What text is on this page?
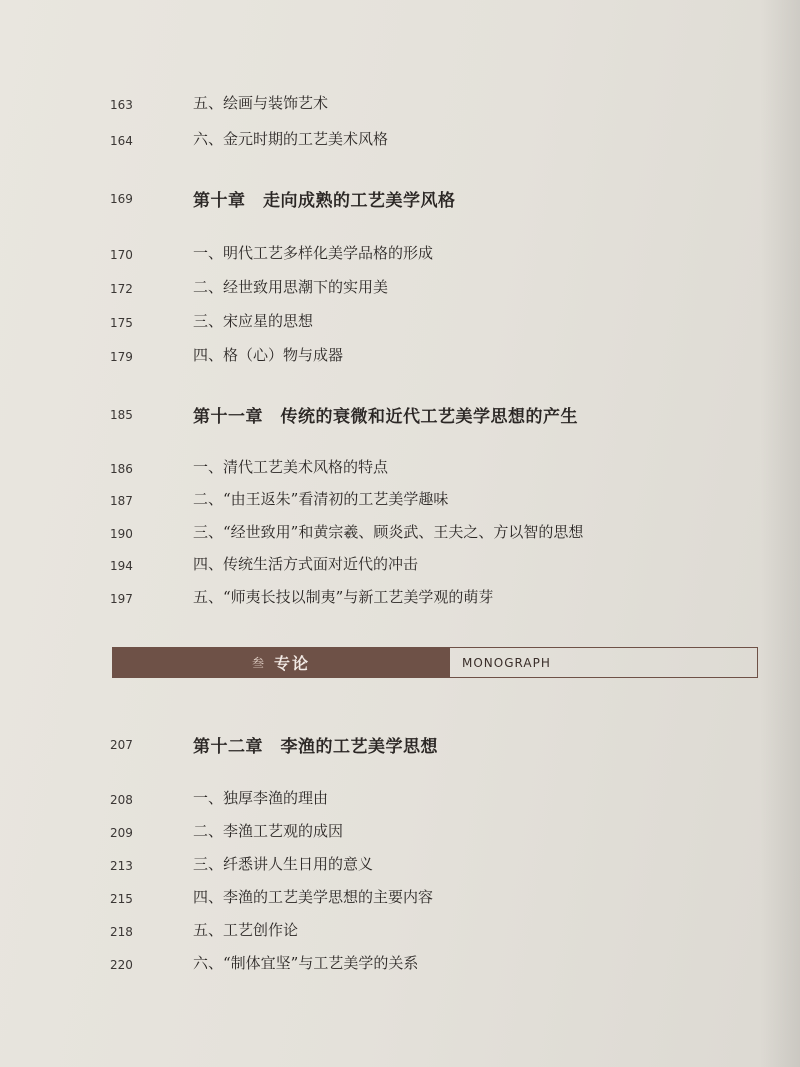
163	五、绘画与装饰艺术
164	六、金元时期的工艺美术风格
169	第十章　走向成熟的工艺美学风格
170	一、明代工艺多样化美学品格的形成
172	二、经世致用思潮下的实用美
175	三、宋应星的思想
179	四、格（心）物与成器
185	第十一章　传统的衰微和近代工艺美学思想的产生
186	一、清代工艺美术风格的特点
187	二、“由王返朱”看清初的工艺美学趣味
190	三、“经世致用”和黄宗羲、顾炎武、王夫之、方以智的思想
194	四、传统生活方式面对近代的冲击
197	五、“师夷长技以制夷”与新工艺美学观的萌芽
叁 专论	MONOGRAPH
207	第十二章　李渔的工艺美学思想
208	一、独厚李渔的理由
209	二、李渔工艺观的成因
213	三、纤悉讲人生日用的意义
215	四、李渔的工艺美学思想的主要内容
218	五、工艺创作论
220	六、“制体宜坚”与工艺美学的关系
